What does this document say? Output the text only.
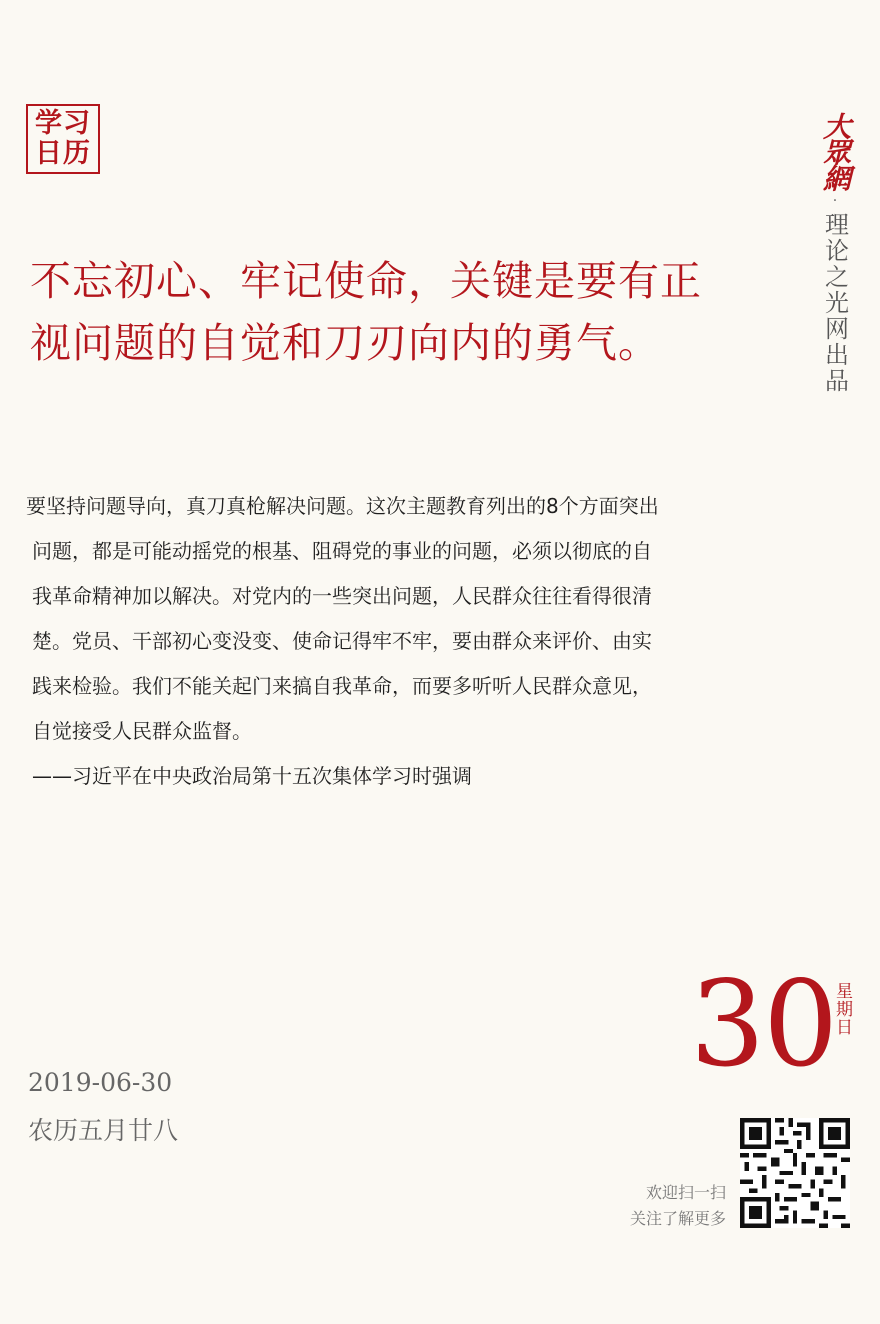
学习
日历	大眾網
·
理论之光网出品
不忘初心、牢记使命，关键是要有正
视问题的自觉和刀刃向内的勇气。
要坚持问题导向，真刀真枪解决问题。这次主题教育列出的8个方面突出
问题，都是可能动摇党的根基、阻碍党的事业的问题，必须以彻底的自
我革命精神加以解决。对党内的一些突出问题，人民群众往往看得很清
楚。党员、干部初心变没变、使命记得牢不牢，要由群众来评价、由实
践来检验。我们不能关起门来搞自我革命，而要多听听人民群众意见，
自觉接受人民群众监督。
——习近平在中央政治局第十五次集体学习时强调
30
星期日
2019-06-30
农历五月廿八
欢迎扫一扫
关注了解更多
